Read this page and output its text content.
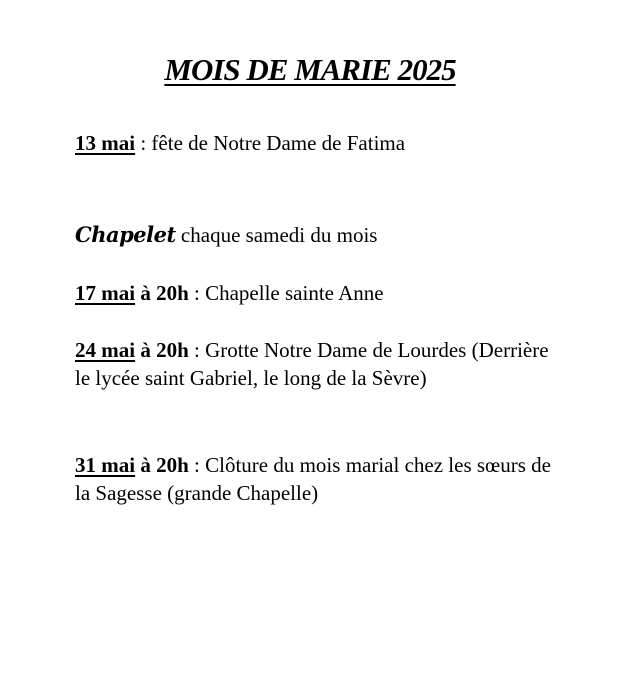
MOIS DE MARIE 2025
13 mai : fête de Notre Dame de Fatima
Chapelet chaque samedi du mois
17 mai à 20h : Chapelle sainte Anne
24 mai à 20h : Grotte Notre Dame de Lourdes (Derrière le lycée saint Gabriel, le long de la Sèvre)
31 mai à 20h : Clôture du mois marial chez les sœurs de la Sagesse (grande Chapelle)
